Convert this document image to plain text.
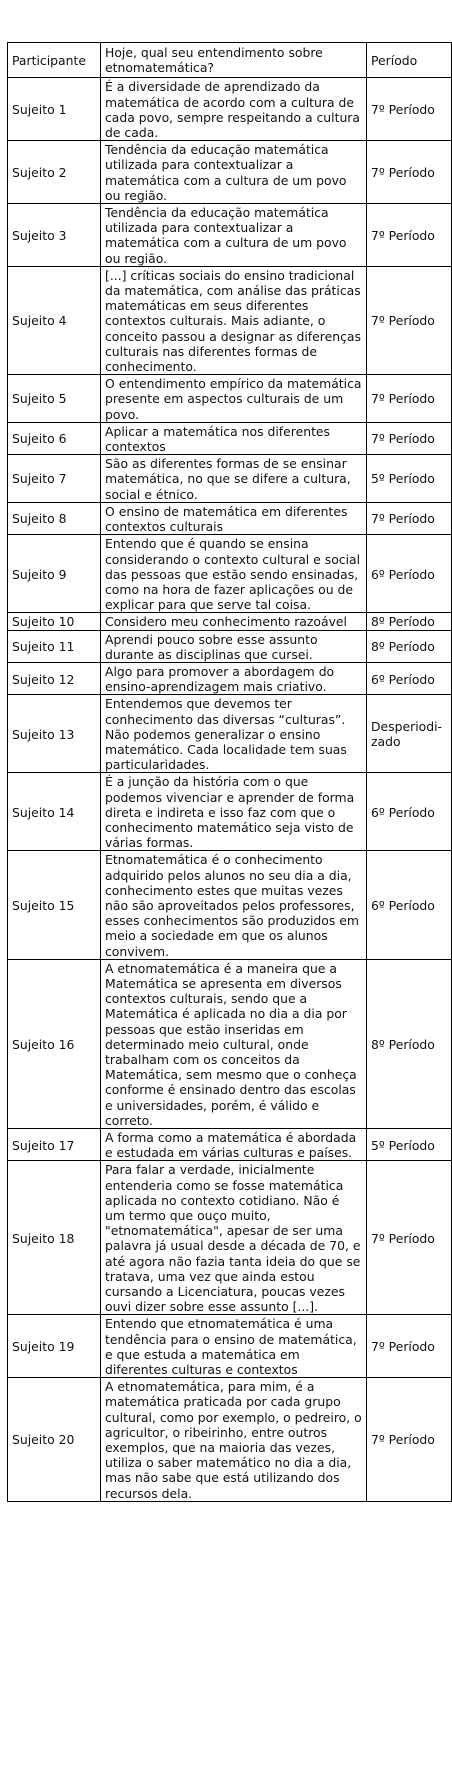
Participante	Hoje, qual seu entendimento sobre etnomatemática?	Período
Sujeito 1	É a diversidade de aprendizado da matemática de acordo com a cultura de cada povo, sempre respeitando a cultura de cada.	7º Período
Sujeito 2	Tendência da educação matemática utilizada para contextualizar a matemática com a cultura de um povo ou região.	7º Período
Sujeito 3	Tendência da educação matemática utilizada para contextualizar a matemática com a cultura de um povo ou região.	7º Período
Sujeito 4	[...] críticas sociais do ensino tradicional da matemática, com análise das práticas matemáticas em seus diferentes contextos culturais. Mais adiante, o conceito passou a designar as diferenças culturais nas diferentes formas de conhecimento.	7º Período
Sujeito 5	O entendimento empírico da matemática presente em aspectos culturais de um povo.	7º Período
Sujeito 6	Aplicar a matemática nos diferentes contextos	7º Período
Sujeito 7	São as diferentes formas de se ensinar matemática, no que se difere a cultura, social e étnico.	5º Período
Sujeito 8	O ensino de matemática em diferentes contextos culturais	7º Período
Sujeito 9	Entendo que é quando se ensina considerando o contexto cultural e social das pessoas que estão sendo ensinadas, como na hora de fazer aplicações ou de explicar para que serve tal coisa.	6º Período
Sujeito 10	Considero meu conhecimento razoável	8º Período
Sujeito 11	Aprendi pouco sobre esse assunto durante as disciplinas que cursei.	8º Período
Sujeito 12	Algo para promover a abordagem do ensino-aprendizagem mais criativo.	6º Período
Sujeito 13	Entendemos que devemos ter conhecimento das diversas “culturas”. Não podemos generalizar o ensino matemático. Cada localidade tem suas particularidades.	Desperiodi-zado
Sujeito 14	É a junção da história com o que podemos vivenciar e aprender de forma direta e indireta e isso faz com que o conhecimento matemático seja visto de várias formas.	6º Período
Sujeito 15	Etnomatemática é o conhecimento adquirido pelos alunos no seu dia a dia, conhecimento estes que muitas vezes não são aproveitados pelos professores, esses conhecimentos são produzidos em meio a sociedade em que os alunos convivem.	6º Período
Sujeito 16	A etnomatemática é a maneira que a Matemática se apresenta em diversos contextos culturais, sendo que a Matemática é aplicada no dia a dia por pessoas que estão inseridas em determinado meio cultural, onde trabalham com os conceitos da Matemática, sem mesmo que o conheça conforme é ensinado dentro das escolas e universidades, porém, é válido e correto.	8º Período
Sujeito 17	A forma como a matemática é abordada e estudada em várias culturas e países.	5º Período
Sujeito 18	Para falar a verdade, inicialmente entenderia como se fosse matemática aplicada no contexto cotidiano. Não é um termo que ouço muito, "etnomatemática", apesar de ser uma palavra já usual desde a década de 70, e até agora não fazia tanta ideia do que se tratava, uma vez que ainda estou cursando a Licenciatura, poucas vezes ouvi dizer sobre esse assunto [...].	7º Período
Sujeito 19	Entendo que etnomatemática é uma tendência para o ensino de matemática, e que estuda a matemática em diferentes culturas e contextos	7º Período
Sujeito 20	A etnomatemática, para mim, é a matemática praticada por cada grupo cultural, como por exemplo, o pedreiro, o agricultor, o ribeirinho, entre outros exemplos, que na maioria das vezes, utiliza o saber matemático no dia a dia, mas não sabe que está utilizando dos recursos dela.	7º Período
